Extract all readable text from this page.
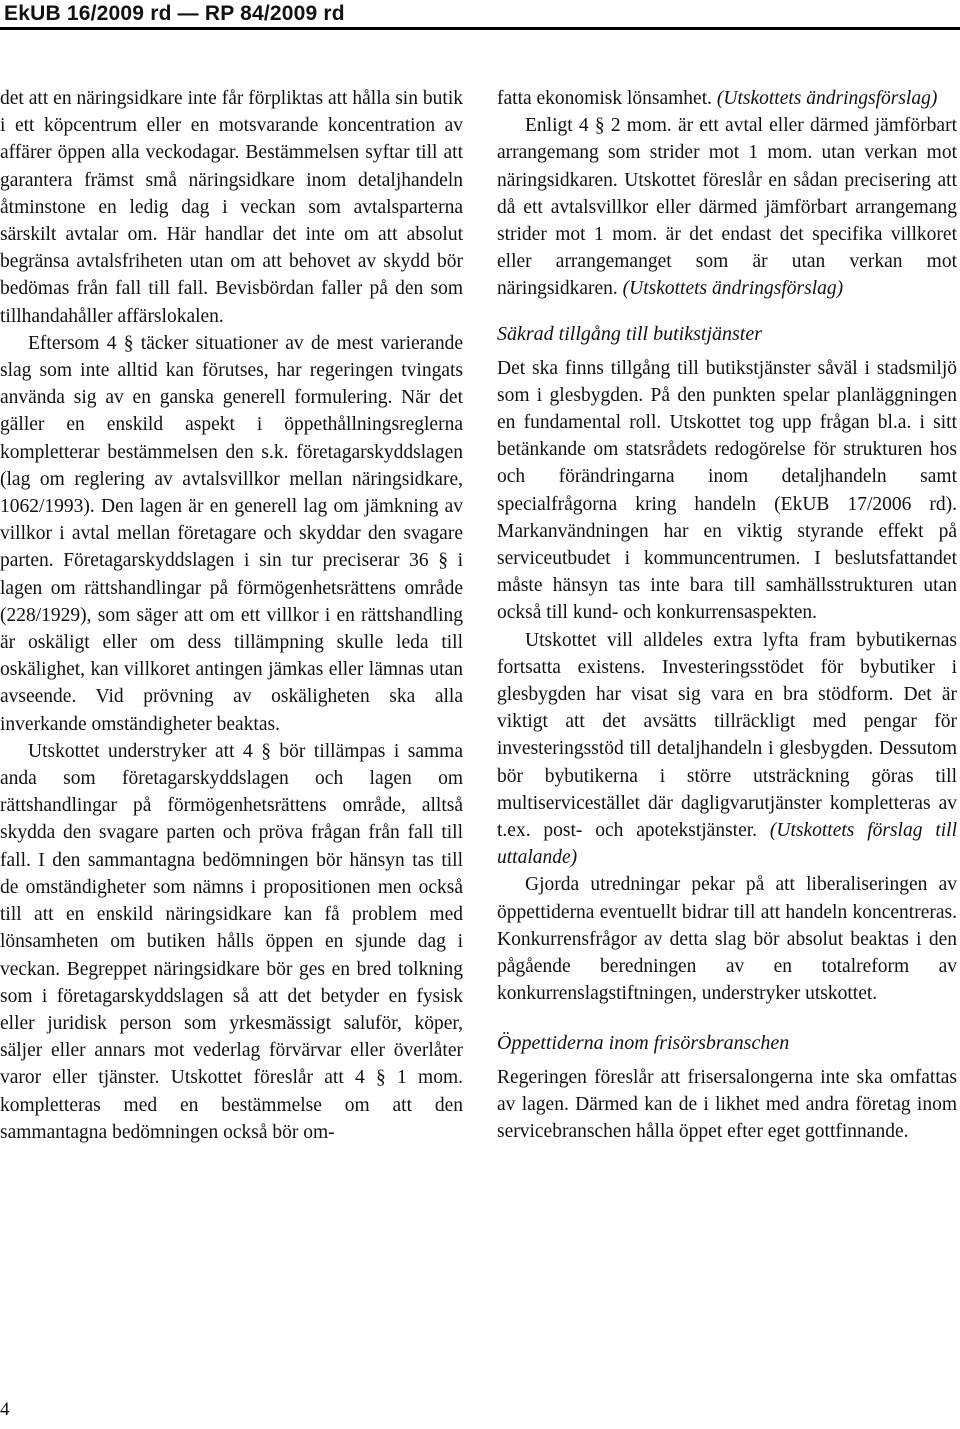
EkUB 16/2009 rd — RP 84/2009 rd

det att en näringsidkare inte får förpliktas att hålla sin butik i ett köpcentrum eller en motsvarande koncentration av affärer öppen alla veckodagar. Bestämmelsen syftar till att garantera främst små näringsidkare inom detaljhandeln åtminstone en ledig dag i veckan som avtalsparterna särskilt avtalar om. Här handlar det inte om att absolut begränsa avtalsfriheten utan om att behovet av skydd bör bedömas från fall till fall. Bevisbördan faller på den som tillhandahåller affärslokalen.

Eftersom 4 § täcker situationer av de mest varierande slag som inte alltid kan förutses, har regeringen tvingats använda sig av en ganska generell formulering. När det gäller en enskild aspekt i öppethållningsreglerna kompletterar bestämmelsen den s.k. företagarskyddslagen (lag om reglering av avtalsvillkor mellan näringsidkare, 1062/1993). Den lagen är en generell lag om jämkning av villkor i avtal mellan företagare och skyddar den svagare parten. Företagarskyddslagen i sin tur preciserar 36 § i lagen om rättshandlingar på förmögenhetsrättens område (228/1929), som säger att om ett villkor i en rättshandling är oskäligt eller om dess tillämpning skulle leda till oskälighet, kan villkoret antingen jämkas eller lämnas utan avseende. Vid prövning av oskäligheten ska alla inverkande omständigheter beaktas.

Utskottet understryker att 4 § bör tillämpas i samma anda som företagarskyddslagen och lagen om rättshandlingar på förmögenhetsrättens område, alltså skydda den svagare parten och pröva frågan från fall till fall. I den sammantagna bedömningen bör hänsyn tas till de omständigheter som nämns i propositionen men också till att en enskild näringsidkare kan få problem med lönsamheten om butiken hålls öppen en sjunde dag i veckan. Begreppet näringsidkare bör ges en bred tolkning som i företagarskyddslagen så att det betyder en fysisk eller juridisk person som yrkesmässigt saluför, köper, säljer eller annars mot vederlag förvärvar eller överlåter varor eller tjänster. Utskottet föreslår att 4 § 1 mom. kompletteras med en bestämmelse om att den sammantagna bedömningen också bör om-

fatta ekonomisk lönsamhet. (Utskottets ändringsförslag)

Enligt 4 § 2 mom. är ett avtal eller därmed jämförbart arrangemang som strider mot 1 mom. utan verkan mot näringsidkaren. Utskottet föreslår en sådan precisering att då ett avtalsvillkor eller därmed jämförbart arrangemang strider mot 1 mom. är det endast det specifika villkoret eller arrangemanget som är utan verkan mot näringsidkaren. (Utskottets ändringsförslag)

Säkrad tillgång till butikstjänster

Det ska finns tillgång till butikstjänster såväl i stadsmiljö som i glesbygden. På den punkten spelar planläggningen en fundamental roll. Utskottet tog upp frågan bl.a. i sitt betänkande om statsrådets redogörelse för strukturen hos och förändringarna inom detaljhandeln samt specialfrågorna kring handeln (EkUB 17/2006 rd). Markanvändningen har en viktig styrande effekt på serviceutbudet i kommuncentrumen. I beslutsfattandet måste hänsyn tas inte bara till samhällsstrukturen utan också till kund- och konkurrensaspekten.

Utskottet vill alldeles extra lyfta fram bybutikernas fortsatta existens. Investeringsstödet för bybutiker i glesbygden har visat sig vara en bra stödform. Det är viktigt att det avsätts tillräckligt med pengar för investeringsstöd till detaljhandeln i glesbygden. Dessutom bör bybutikerna i större utsträckning göras till multiservicestället där dagligvarutjänster kompletteras av t.ex. post- och apotekstjänster. (Utskottets förslag till uttalande)

Gjorda utredningar pekar på att liberaliseringen av öppettiderna eventuellt bidrar till att handeln koncentreras. Konkurrensfrågor av detta slag bör absolut beaktas i den pågående beredningen av en totalreform av konkurrenslagstiftningen, understryker utskottet.

Öppettiderna inom frisörsbranschen

Regeringen föreslår att frisersalongerna inte ska omfattas av lagen. Därmed kan de i likhet med andra företag inom servicebranschen hålla öppet efter eget gottfinnande.

4
